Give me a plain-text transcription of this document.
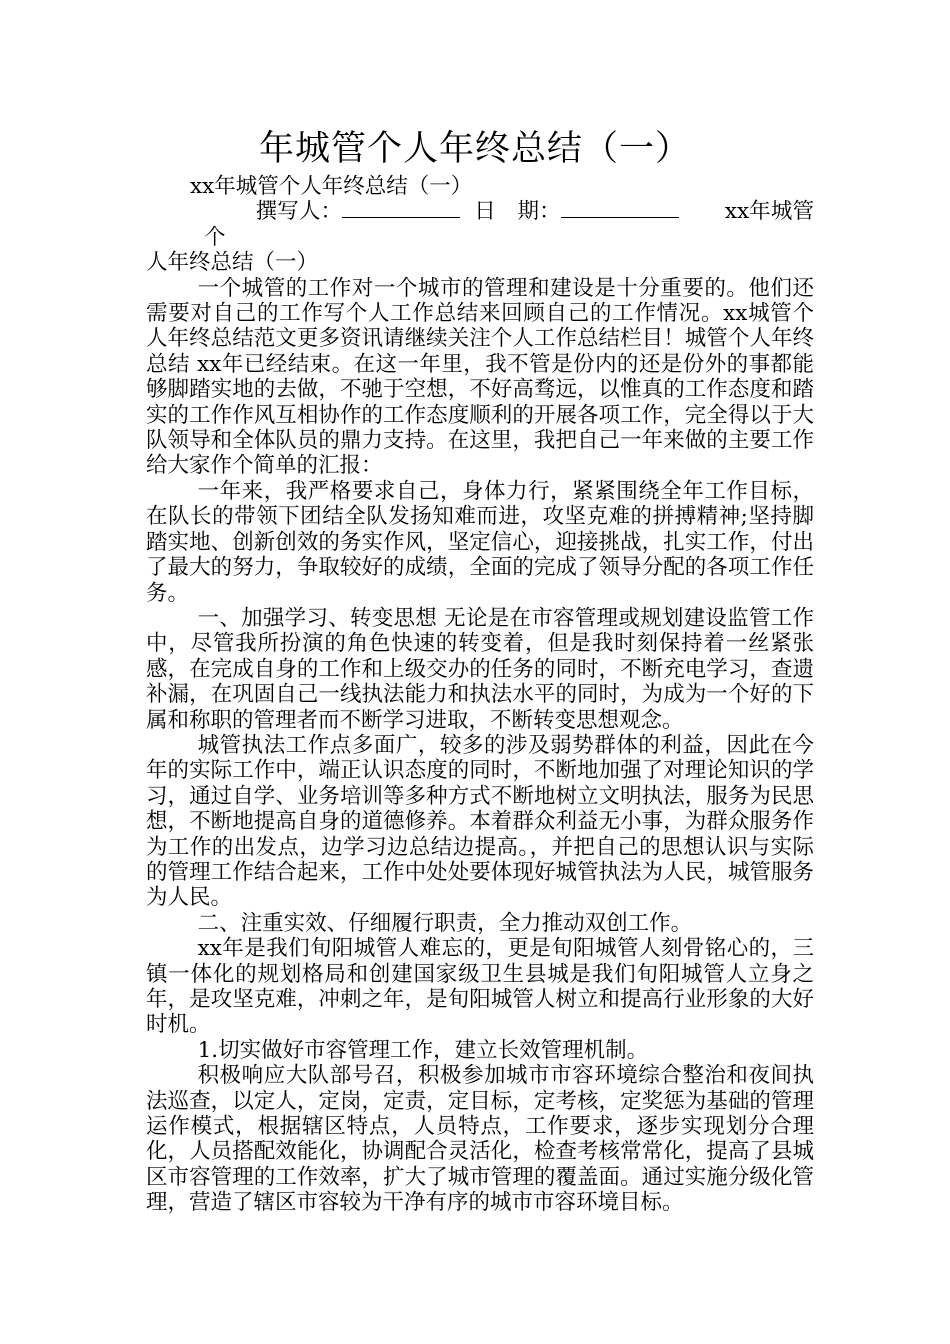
年城管个人年终总结（一）

xx年城管个人年终总结（一）

撰写人：	日　期：	xx年城管个

人年终总结（一）

一个城管的工作对一个城市的管理和建设是十分重要的。他们还需要对自己的工作写个人工作总结来回顾自己的工作情况。xx城管个人年终总结范文更多资讯请继续关注个人工作总结栏目！城管个人年终总结 xx年已经结束。在这一年里，我不管是份内的还是份外的事都能够脚踏实地的去做，不驰于空想，不好高骛远，以惟真的工作态度和踏实的工作作风互相协作的工作态度顺利的开展各项工作，完全得以于大队领导和全体队员的鼎力支持。在这里，我把自己一年来做的主要工作给大家作个简单的汇报：

一年来，我严格要求自己，身体力行，紧紧围绕全年工作目标，在队长的带领下团结全队发扬知难而进，攻坚克难的拼搏精神;坚持脚踏实地、创新创效的务实作风，坚定信心，迎接挑战，扎实工作，付出了最大的努力，争取较好的成绩，全面的完成了领导分配的各项工作任务。

一、加强学习、转变思想 无论是在市容管理或规划建设监管工作中，尽管我所扮演的角色快速的转变着，但是我时刻保持着一丝紧张感，在完成自身的工作和上级交办的任务的同时，不断充电学习，查遗补漏，在巩固自己一线执法能力和执法水平的同时，为成为一个好的下属和称职的管理者而不断学习进取，不断转变思想观念。

城管执法工作点多面广，较多的涉及弱势群体的利益，因此在今年的实际工作中，端正认识态度的同时，不断地加强了对理论知识的学习，通过自学、业务培训等多种方式不断地树立文明执法，服务为民思想，不断地提高自身的道德修养。本着群众利益无小事，为群众服务作为工作的出发点，边学习边总结边提高。，并把自己的思想认识与实际的管理工作结合起来，工作中处处要体现好城管执法为人民，城管服务为人民。

二、注重实效、仔细履行职责，全力推动双创工作。

xx年是我们旬阳城管人难忘的，更是旬阳城管人刻骨铭心的，三镇一体化的规划格局和创建国家级卫生县城是我们旬阳城管人立身之年，是攻坚克难，冲刺之年，是旬阳城管人树立和提高行业形象的大好时机。

1.切实做好市容管理工作，建立长效管理机制。

积极响应大队部号召，积极参加城市市容环境综合整治和夜间执法巡查，以定人，定岗，定责，定目标，定考核，定奖惩为基础的管理运作模式，根据辖区特点，人员特点，工作要求，逐步实现划分合理化，人员搭配效能化，协调配合灵活化，检查考核常常化，提高了县城区市容管理的工作效率，扩大了城市管理的覆盖面。通过实施分级化管理，营造了辖区市容较为干净有序的城市市容环境目标。
